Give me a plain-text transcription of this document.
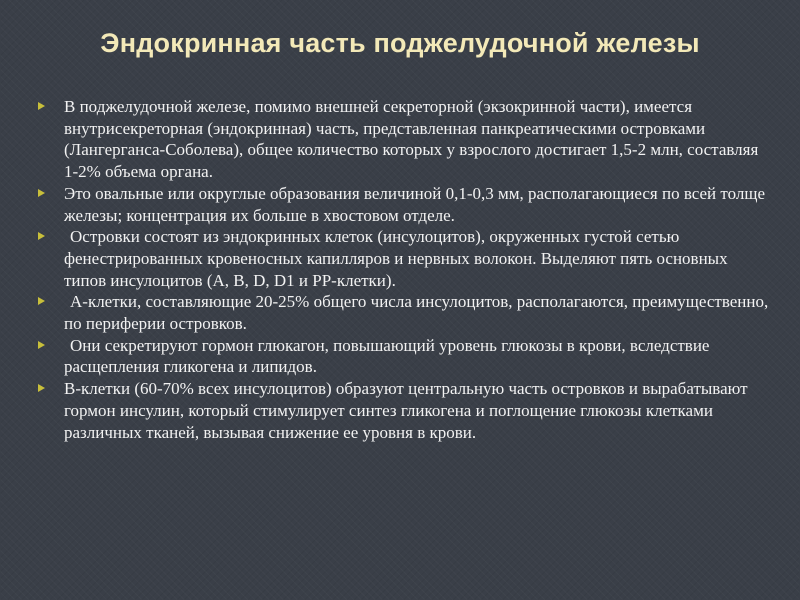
Эндокринная часть поджелудочной железы
В поджелудочной железе, помимо внешней секреторной (экзокринной части), имеется внутрисекреторная (эндокринная) часть, представленная панкреатическими островками (Лангерганса-Соболева), общее количество которых у взрослого достигает 1,5-2 млн, составляя 1-2% объема органа.
Это овальные или округлые образования величиной 0,1-0,3 мм, располагающиеся по всей толще железы; концентрация их больше в хвостовом отделе.
Островки состоят из эндокринных клеток (инсулоцитов), окруженных густой сетью фенестрированных кровеносных капилляров и нервных волокон. Выделяют пять основных типов инсулоцитов (A, B, D, D1 и PP-клетки).
А-клетки, составляющие 20-25% общего числа инсулоцитов, располагаются, преимущественно, по периферии островков.
Они секретируют гормон глюкагон, повышающий уровень глюкозы в крови, вследствие расщепления гликогена и липидов.
В-клетки (60-70% всех инсулоцитов) образуют центральную часть островков и вырабатывают гормон инсулин, который стимулирует синтез гликогена и поглощение глюкозы клетками различных тканей, вызывая снижение ее уровня в крови.
